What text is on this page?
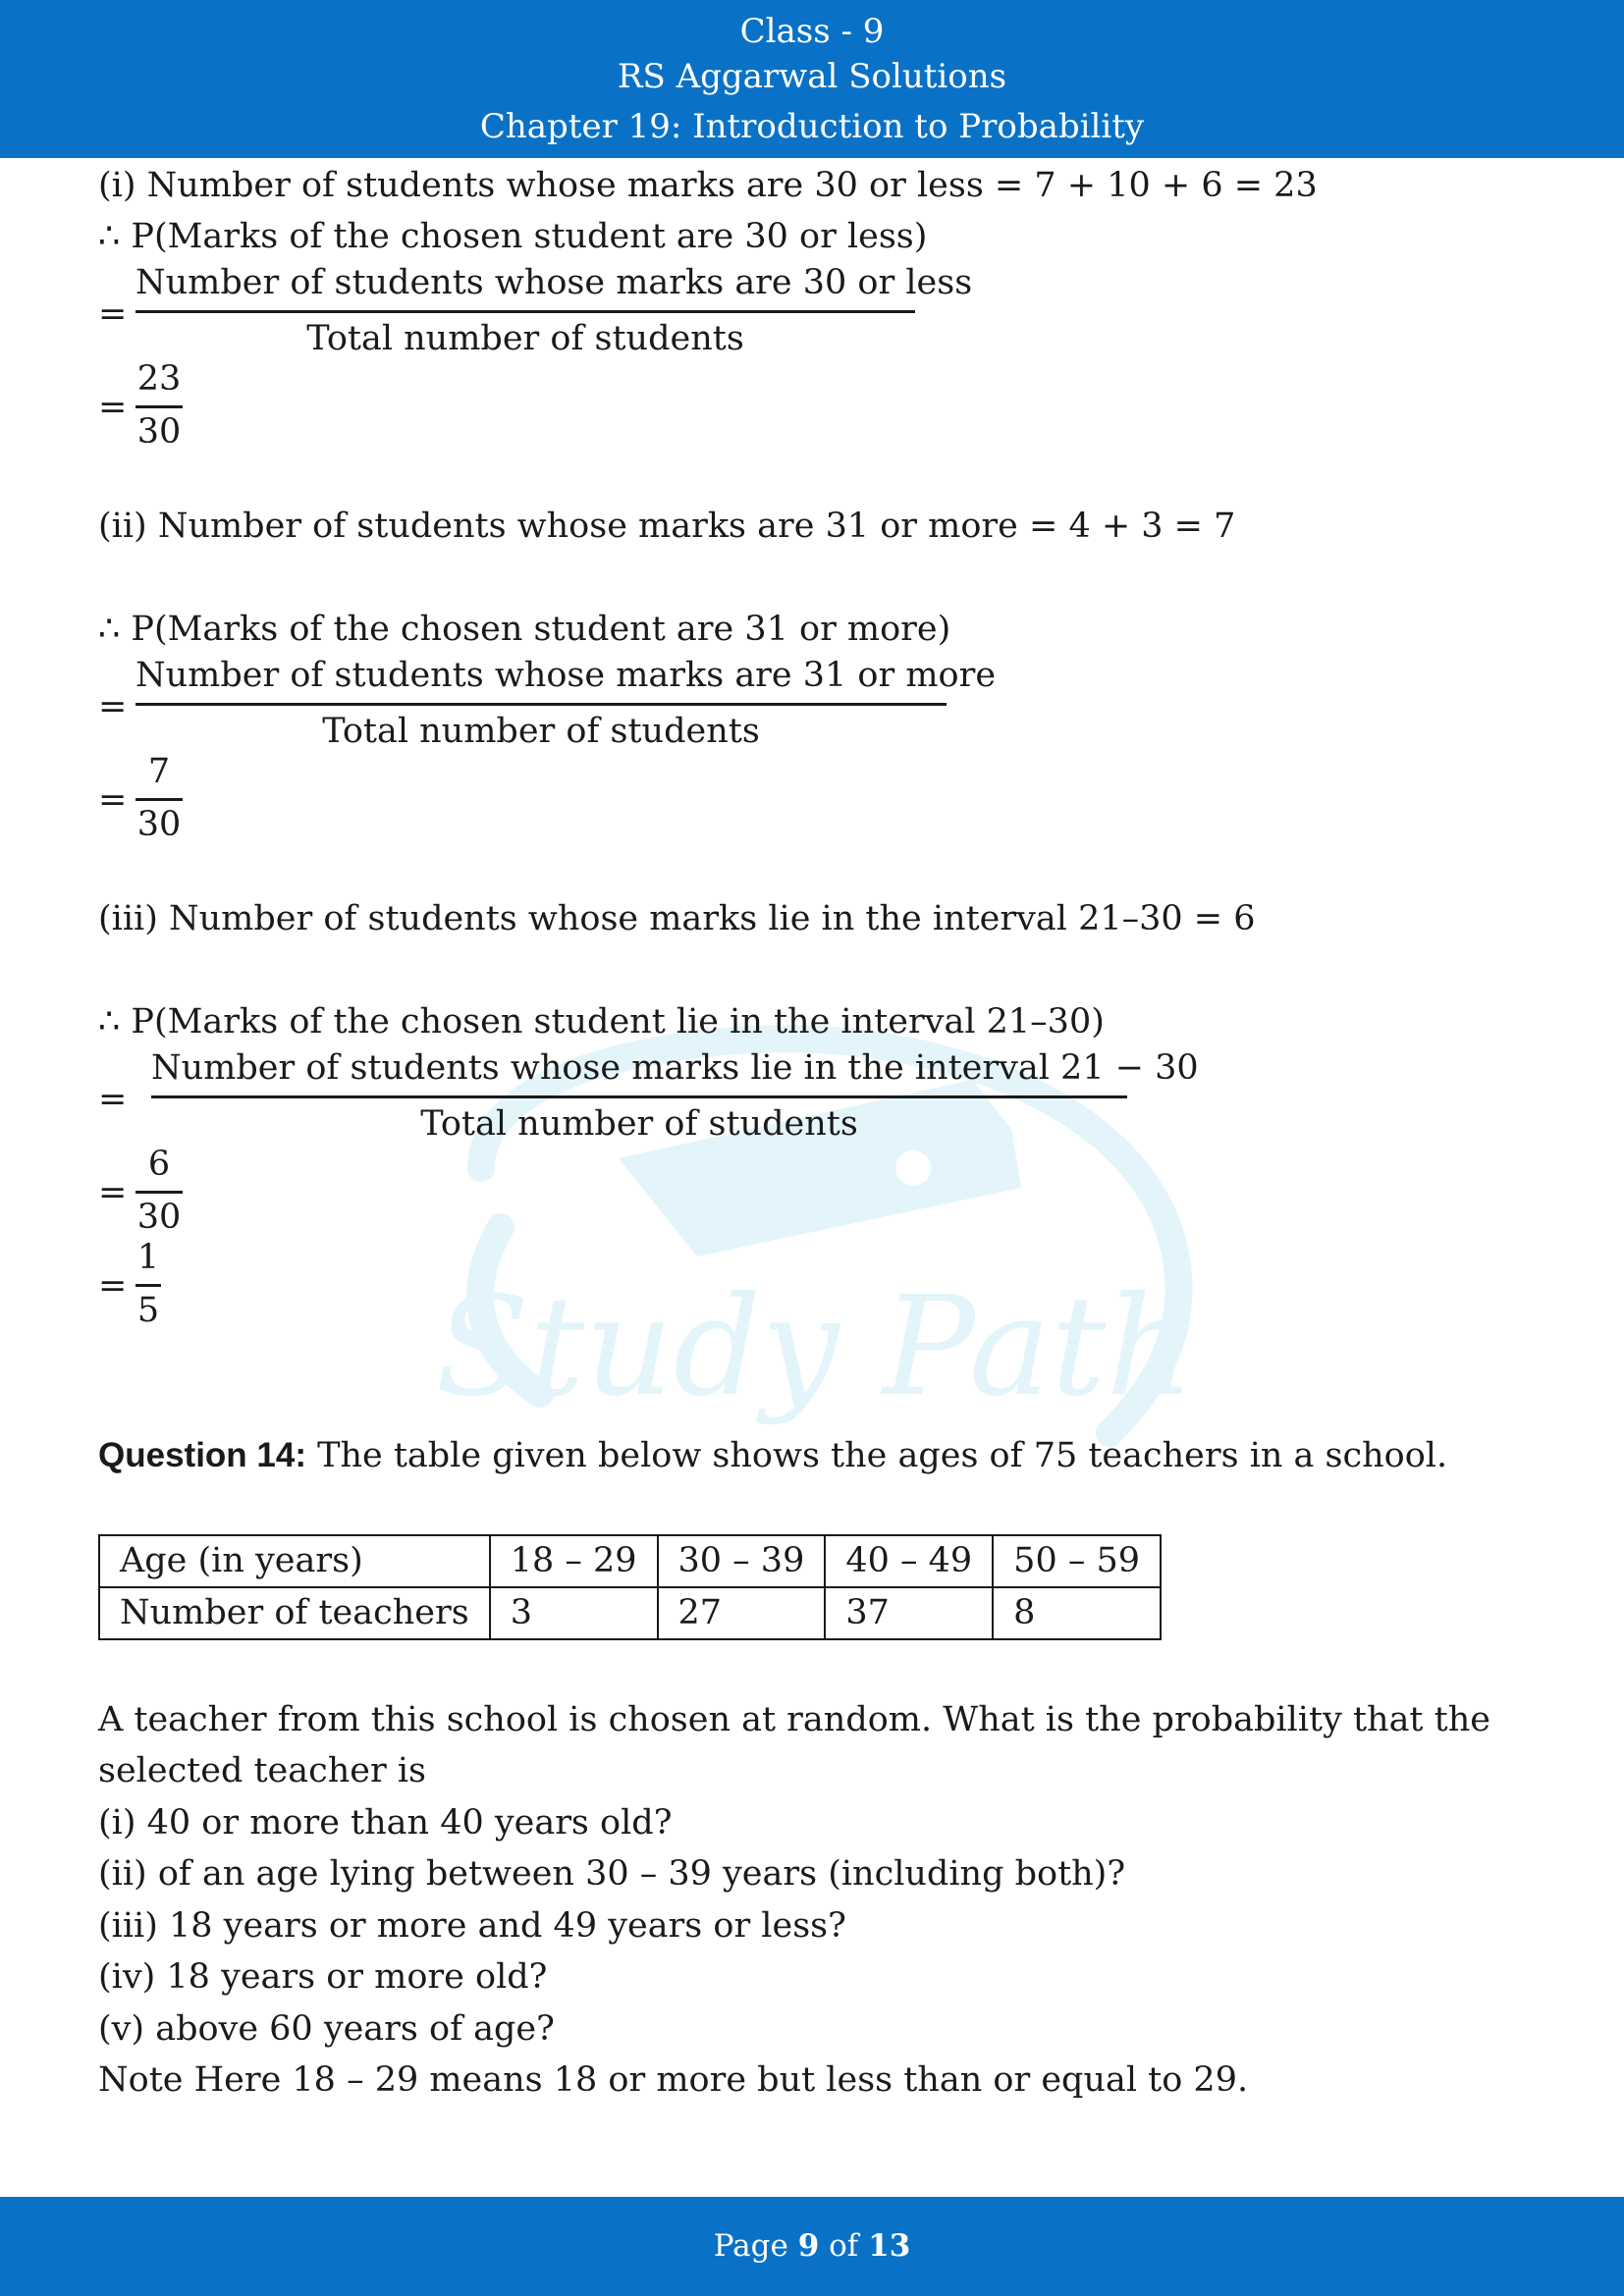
Class - 9
RS Aggarwal Solutions
Chapter 19: Introduction to Probability
Study Path
(i) Number of students whose marks are 30 or less = 7 + 10 + 6 = 23
∴ P(Marks of the chosen student are 30 or less)
=
Number of students whose marks are 30 or less
Total number of students
=
23
30
(ii) Number of students whose marks are 31 or more = 4 + 3 = 7
∴ P(Marks of the chosen student are 31 or more)
=
Number of students whose marks are 31 or more
Total number of students
=
7
30
(iii) Number of students whose marks lie in the interval 21–30 = 6
∴ P(Marks of the chosen student lie in the interval 21–30)
=
Number of students whose marks lie in the interval 21 − 30
Total number of students
=
6
30
=
1
5
Question 14: The table given below shows the ages of 75 teachers in a school.
Age (in years)	18 – 29	30 – 39	40 – 49	50 – 59
Number of teachers	3	27	37	8
A teacher from this school is chosen at random. What is the probability that the
selected teacher is
(i) 40 or more than 40 years old?
(ii) of an age lying between 30 – 39 years (including both)?
(iii) 18 years or more and 49 years or less?
(iv) 18 years or more old?
(v) above 60 years of age?
Note Here 18 – 29 means 18 or more but less than or equal to 29.
Page 9 of 13
